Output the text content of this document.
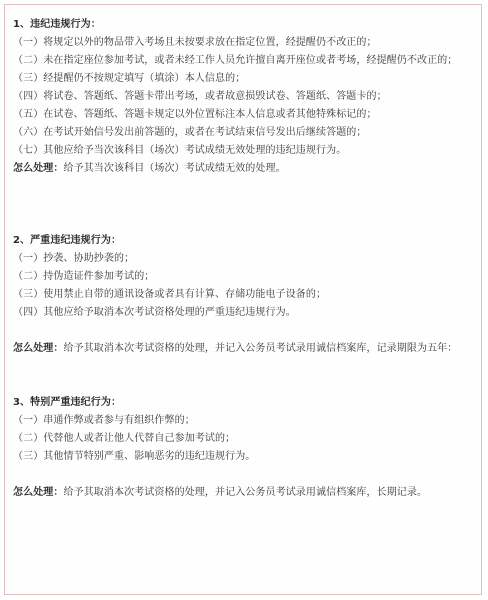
1、违纪违规行为：
（一）将规定以外的物品带入考场且未按要求放在指定位置，经提醒仍不改正的；
（二）未在指定座位参加考试，或者未经工作人员允许擅自离开座位或者考场，经提醒仍不改正的；
（三）经提醒仍不按规定填写（填涂）本人信息的；
（四）将试卷、答题纸、答题卡带出考场，或者故意损毁试卷、答题纸、答题卡的；
（五）在试卷、答题纸、答题卡规定以外位置标注本人信息或者其他特殊标记的；
（六）在考试开始信号发出前答题的，或者在考试结束信号发出后继续答题的；
（七）其他应给予当次该科目（场次）考试成绩无效处理的违纪违规行为。
怎么处理：给予其当次该科目（场次）考试成绩无效的处理。
2、严重违纪违规行为：
（一）抄袭、协助抄袭的；
（二）持伪造证件参加考试的；
（三）使用禁止自带的通讯设备或者具有计算、存储功能电子设备的；
（四）其他应给予取消本次考试资格处理的严重违纪违规行为。
怎么处理：给予其取消本次考试资格的处理，并记入公务员考试录用诚信档案库，记录期限为五年：
3、特别严重违纪行为：
（一）串通作弊或者参与有组织作弊的；
（二）代替他人或者让他人代替自己参加考试的；
（三）其他情节特别严重、影响恶劣的违纪违规行为。
怎么处理：给予其取消本次考试资格的处理，并记入公务员考试录用诚信档案库，长期记录。
